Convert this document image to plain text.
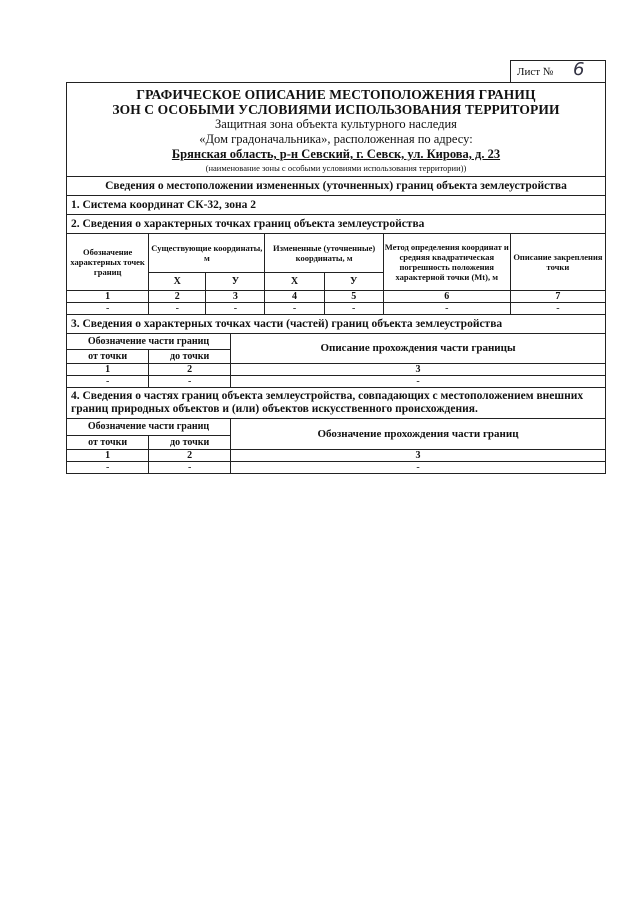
Лист № 6
ГРАФИЧЕСКОЕ ОПИСАНИЕ МЕСТОПОЛОЖЕНИЯ ГРАНИЦ
ЗОН С ОСОБЫМИ УСЛОВИЯМИ ИСПОЛЬЗОВАНИЯ ТЕРРИТОРИИ
Защитная зона объекта культурного наследия
«Дом градоначальника», расположенная по адресу:
Брянская область, р-н Севский, г. Севск, ул. Кирова, д. 23
(наименование зоны с особыми условиями использования территории))
Сведения о местоположении измененных (уточненных) границ объекта землеустройства
1. Система координат СК-32, зона 2
2. Сведения о характерных точках границ объекта землеустройства
Обозначение характерных точек границ	Существующие координаты, м		Измененные (уточненные) координаты, м		Метод определения координат и средняя квадратическая погрешность положения характерной точки (Мt), м	Описание закрепления точки
	Х	У	Х	У		
1	2	3	4	5	6	7
-	-	-	-	-	-	-
3. Сведения о характерных точках части (частей) границ объекта землеустройства
Обозначение части границ		Описание прохождения части границы
от точки	до точки	
1	2	3
-	-	-
4. Сведения о частях границ объекта землеустройства, совпадающих с местоположением внешних границ природных объектов и (или) объектов искусственного происхождения.
Обозначение части границ		Обозначение прохождения части границ
от точки	до точки	
1	2	3
-	-	-
